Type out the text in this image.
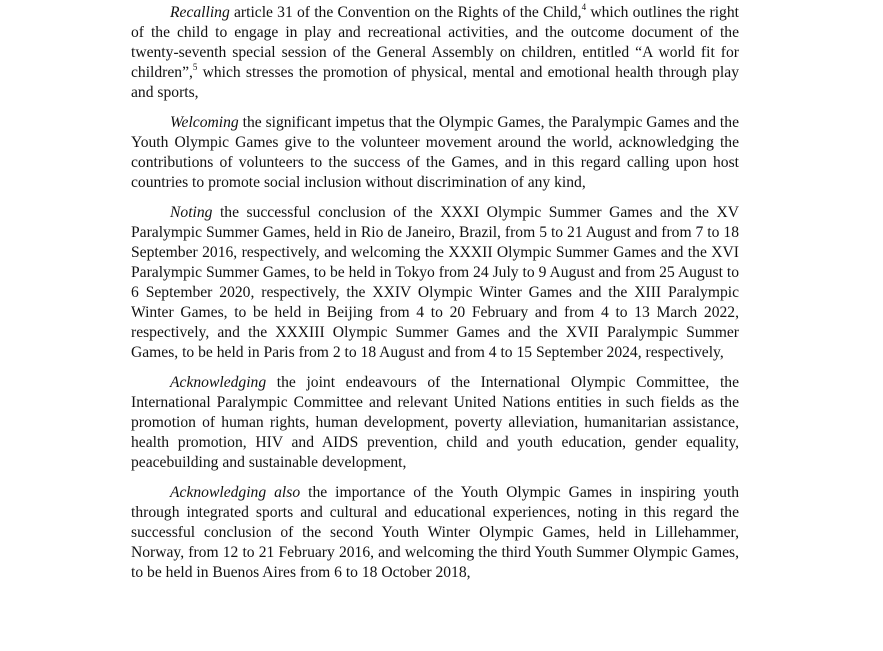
Recalling article 31 of the Convention on the Rights of the Child,$^4$ which outlines the right of the child to engage in play and recreational activities, and the outcome document of the twenty-seventh special session of the General Assembly on children, entitled “A world fit for children”,$^5$ which stresses the promotion of physical, mental and emotional health through play and sports,

Welcoming the significant impetus that the Olympic Games, the Paralympic Games and the Youth Olympic Games give to the volunteer movement around the world, acknowledging the contributions of volunteers to the success of the Games, and in this regard calling upon host countries to promote social inclusion without discrimination of any kind,

Noting the successful conclusion of the XXXI Olympic Summer Games and the XV Paralympic Summer Games, held in Rio de Janeiro, Brazil, from 5 to 21 August and from 7 to 18 September 2016, respectively, and welcoming the XXXII Olympic Summer Games and the XVI Paralympic Summer Games, to be held in Tokyo from 24 July to 9 August and from 25 August to 6 September 2020, respectively, the XXIV Olympic Winter Games and the XIII Paralympic Winter Games, to be held in Beijing from 4 to 20 February and from 4 to 13 March 2022, respectively, and the XXXIII Olympic Summer Games and the XVII Paralympic Summer Games, to be held in Paris from 2 to 18 August and from 4 to 15 September 2024, respectively,

Acknowledging the joint endeavours of the International Olympic Committee, the International Paralympic Committee and relevant United Nations entities in such fields as the promotion of human rights, human development, poverty alleviation, humanitarian assistance, health promotion, HIV and AIDS prevention, child and youth education, gender equality, peacebuilding and sustainable development,

Acknowledging also the importance of the Youth Olympic Games in inspiring youth through integrated sports and cultural and educational experiences, noting in this regard the successful conclusion of the second Youth Winter Olympic Games, held in Lillehammer, Norway, from 12 to 21 February 2016, and welcoming the third Youth Summer Olympic Games, to be held in Buenos Aires from 6 to 18 October 2018,
